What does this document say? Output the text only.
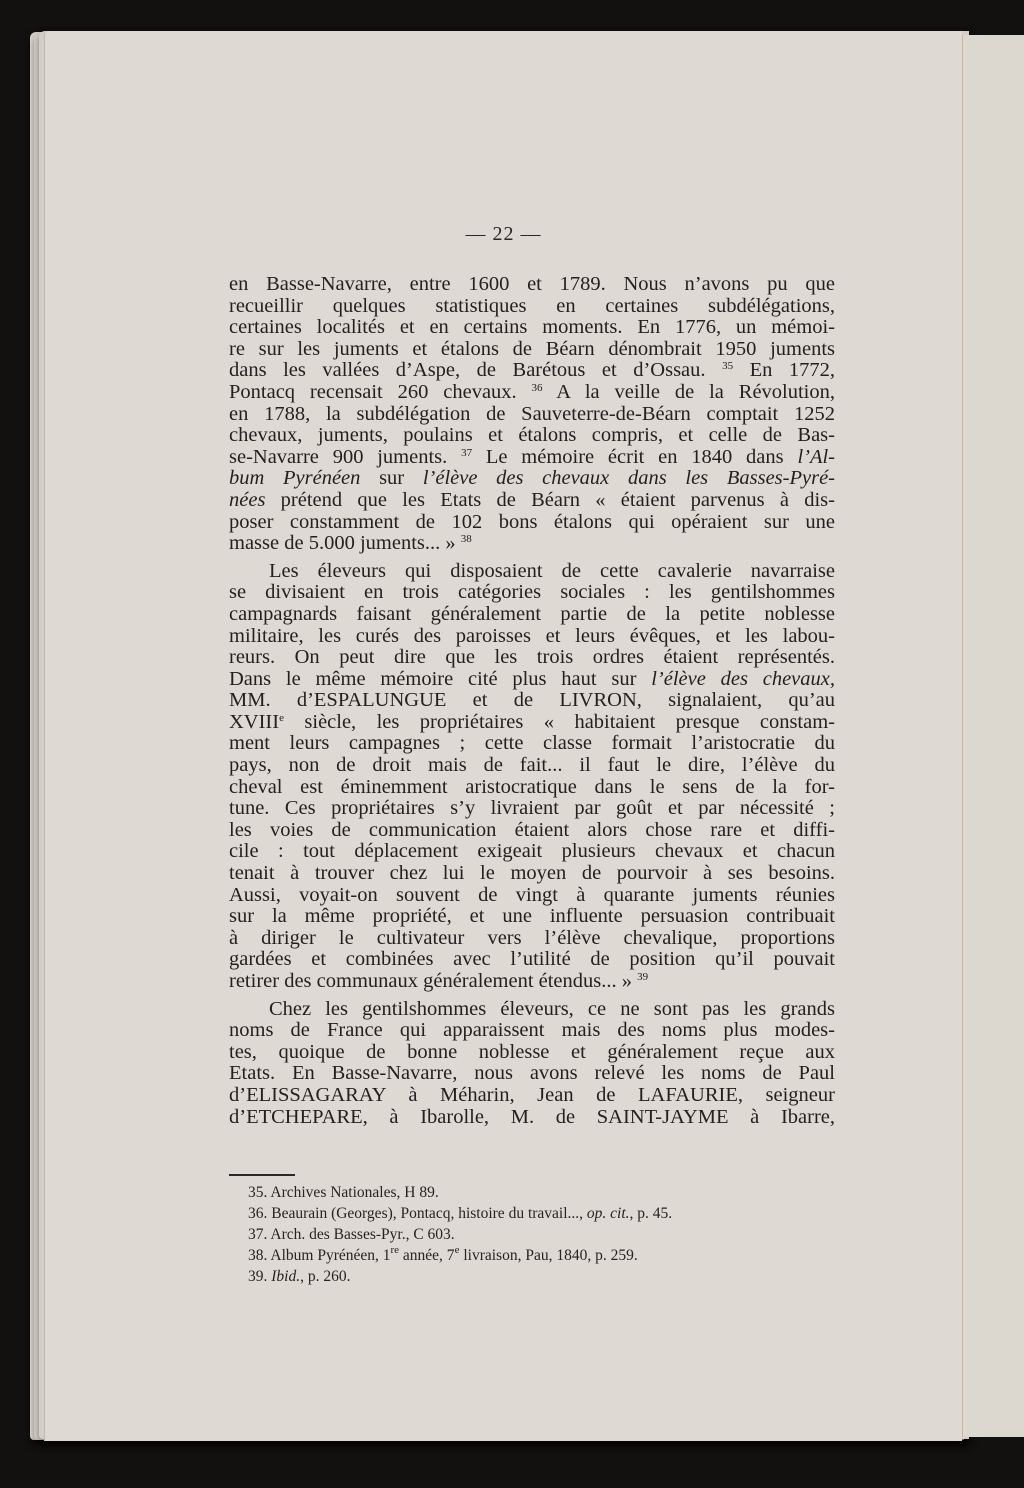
— 22 —
en Basse-Navarre, entre 1600 et 1789. Nous n’avons pu que
recueillir quelques statistiques en certaines subdélégations,
certaines localités et en certains moments. En 1776, un mémoi-
re sur les juments et étalons de Béarn dénombrait 1950 juments
dans les vallées d’Aspe, de Barétous et d’Ossau. $^{35}$ En 1772,
Pontacq recensait 260 chevaux. $^{36}$ A la veille de la Révolution,
en 1788, la subdélégation de Sauveterre-de-Béarn comptait 1252
chevaux, juments, poulains et étalons compris, et celle de Bas-
se-Navarre 900 juments. $^{37}$ Le mémoire écrit en 1840 dans l’Al-
bum Pyrénéen sur l’élève des chevaux dans les Basses-Pyré-
nées prétend que les Etats de Béarn « étaient parvenus à dis-
poser constamment de 102 bons étalons qui opéraient sur une
masse de 5.000 juments... » $^{38}$
Les éleveurs qui disposaient de cette cavalerie navarraise
se divisaient en trois catégories sociales : les gentilshommes
campagnards faisant généralement partie de la petite noblesse
militaire, les curés des paroisses et leurs évêques, et les labou-
reurs. On peut dire que les trois ordres étaient représentés.
Dans le même mémoire cité plus haut sur l’élève des chevaux,
MM. d’ESPALUNGUE et de LIVRON, signalaient, qu’au
XVIIIe siècle, les propriétaires « habitaient presque constam-
ment leurs campagnes ; cette classe formait l’aristocratie du
pays, non de droit mais de fait... il faut le dire, l’élève du
cheval est éminemment aristocratique dans le sens de la for-
tune. Ces propriétaires s’y livraient par goût et par nécessité ;
les voies de communication étaient alors chose rare et diffi-
cile : tout déplacement exigeait plusieurs chevaux et chacun
tenait à trouver chez lui le moyen de pourvoir à ses besoins.
Aussi, voyait-on souvent de vingt à quarante juments réunies
sur la même propriété, et une influente persuasion contribuait
à diriger le cultivateur vers l’élève chevalique, proportions
gardées et combinées avec l’utilité de position qu’il pouvait
retirer des communaux généralement étendus... » $^{39}$
Chez les gentilshommes éleveurs, ce ne sont pas les grands
noms de France qui apparaissent mais des noms plus modes-
tes, quoique de bonne noblesse et généralement reçue aux
Etats. En Basse-Navarre, nous avons relevé les noms de Paul
d’ELISSAGARAY à Méharin, Jean de LAFAURIE, seigneur
d’ETCHEPARE, à Ibarolle, M. de SAINT-JAYME à Ibarre,
35. Archives Nationales, H 89.
36. Beaurain (Georges), Pontacq, histoire du travail..., op. cit., p. 45.
37. Arch. des Basses-Pyr., C 603.
38. Album Pyrénéen, 1re année, 7e livraison, Pau, 1840, p. 259.
39. Ibid., p. 260.
